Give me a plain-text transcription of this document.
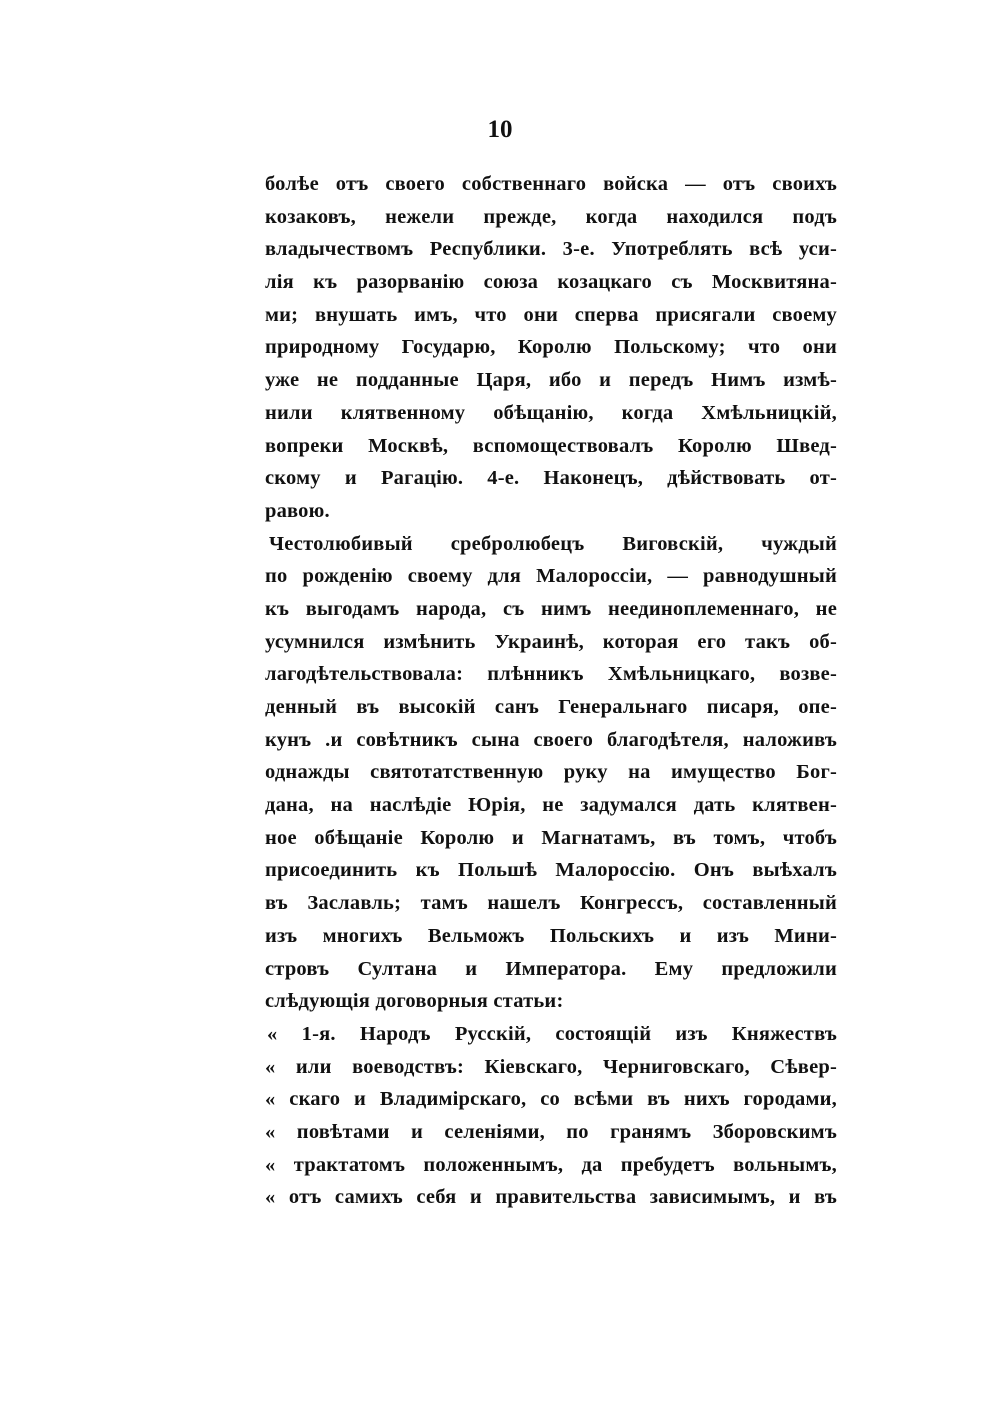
10
болѣе отъ своего собственнаго войска — отъ своихъ
козаковъ, нежели прежде, когда находился подъ
владычествомъ Республики. 3-е. Употреблять всѣ уси-
лія къ разорванію союза козацкаго съ Москвитяна-
ми; внушать имъ, что они сперва присягали своему
природному Государю, Королю Польскому; что они
уже не подданные Царя, ибо и передъ Нимъ измѣ-
нили клятвенному обѣщанію, когда Хмѣльницкій,
вопреки Москвѣ, вспомоществовалъ Королю Швед-
скому и Рагацію. 4-е. Наконецъ, дѣйствовать от-
равою.
Честолюбивый сребролюбецъ Виговскій, чуждый
по рожденію своему для Малороссіи, — равнодушный
къ выгодамъ народа, съ нимъ неединоплеменнаго, не
усумнился измѣнить Украинѣ, которая его такъ об-
лагодѣтельствовала: плѣнникъ Хмѣльницкаго, возве-
денный въ высокій санъ Генеральнаго писаря, опе-
кунъ .и совѣтникъ сына своего благодѣтеля, наложивъ
однажды святотатственную руку на имущество Бог-
дана, на наслѣдіе Юрія, не задумался дать клятвен-
ное обѣщаніе Королю и Магнатамъ, въ томъ, чтобъ
присоединить къ Польшѣ Малороссію. Онъ выѣхалъ
въ Заславль; тамъ нашелъ Конгрессъ, составленный
изъ многихъ Вельможъ Польскихъ и изъ Мини-
стровъ Султана и Императора. Ему предложили
слѣдующія договорныя статьи:
« 1-я. Народъ Русскій, состоящій изъ Княжествъ
« или воеводствъ: Кіевскаго, Черниговскаго, Сѣвер-
« скаго и Владимірскаго, со всѣми въ нихъ городами,
« повѣтами и селеніями, по гранямъ Зборовскимъ
« трактатомъ положеннымъ, да пребудетъ вольнымъ,
« отъ самихъ себя и правительства зависимымъ, и въ
